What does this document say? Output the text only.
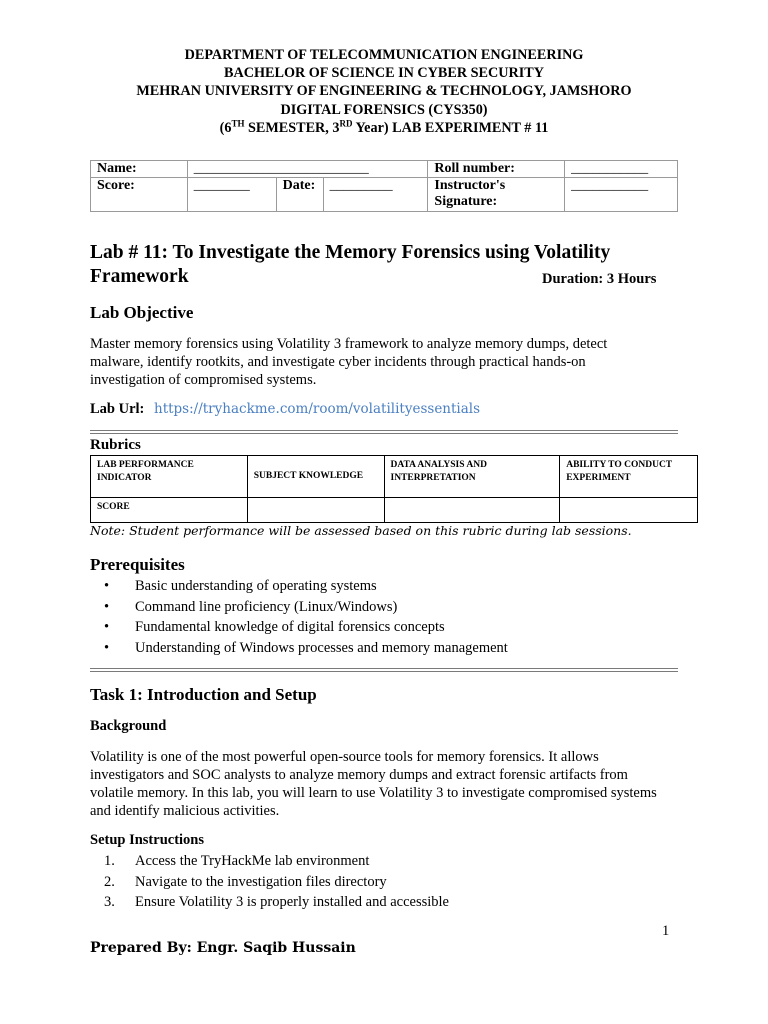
DEPARTMENT OF TELECOMMUNICATION ENGINEERING
BACHELOR OF SCIENCE IN CYBER SECURITY
MEHRAN UNIVERSITY OF ENGINEERING & TECHNOLOGY, JAMSHORO
DIGITAL FORENSICS (CYS350)
(6TH SEMESTER, 3RD Year) LAB EXPERIMENT # 11
Name:	_________________________			Roll number:	___________
Score:	________	Date:	_________	Instructor's
Signature:	___________
Lab # 11: To Investigate the Memory Forensics using Volatility Framework	Duration: 3 Hours
Lab Objective
Master memory forensics using Volatility 3 framework to analyze memory dumps, detect malware, identify rootkits, and investigate cyber incidents through practical hands-on investigation of compromised systems.
Lab Url: https://tryhackme.com/room/volatilityessentials
Rubrics
LAB PERFORMANCE INDICATOR	SUBJECT KNOWLEDGE	DATA ANALYSIS AND INTERPRETATION	ABILITY TO CONDUCT EXPERIMENT
SCORE			
Note: Student performance will be assessed based on this rubric during lab sessions.
Prerequisites
• Basic understanding of operating systems
• Command line proficiency (Linux/Windows)
• Fundamental knowledge of digital forensics concepts
• Understanding of Windows processes and memory management
Task 1: Introduction and Setup
Background
Volatility is one of the most powerful open-source tools for memory forensics. It allows investigators and SOC analysts to analyze memory dumps and extract forensic artifacts from volatile memory. In this lab, you will learn to use Volatility 3 to investigate compromised systems and identify malicious activities.
Setup Instructions
1. Access the TryHackMe lab environment
2. Navigate to the investigation files directory
3. Ensure Volatility 3 is properly installed and accessible
1
Prepared By: Engr. Saqib Hussain
